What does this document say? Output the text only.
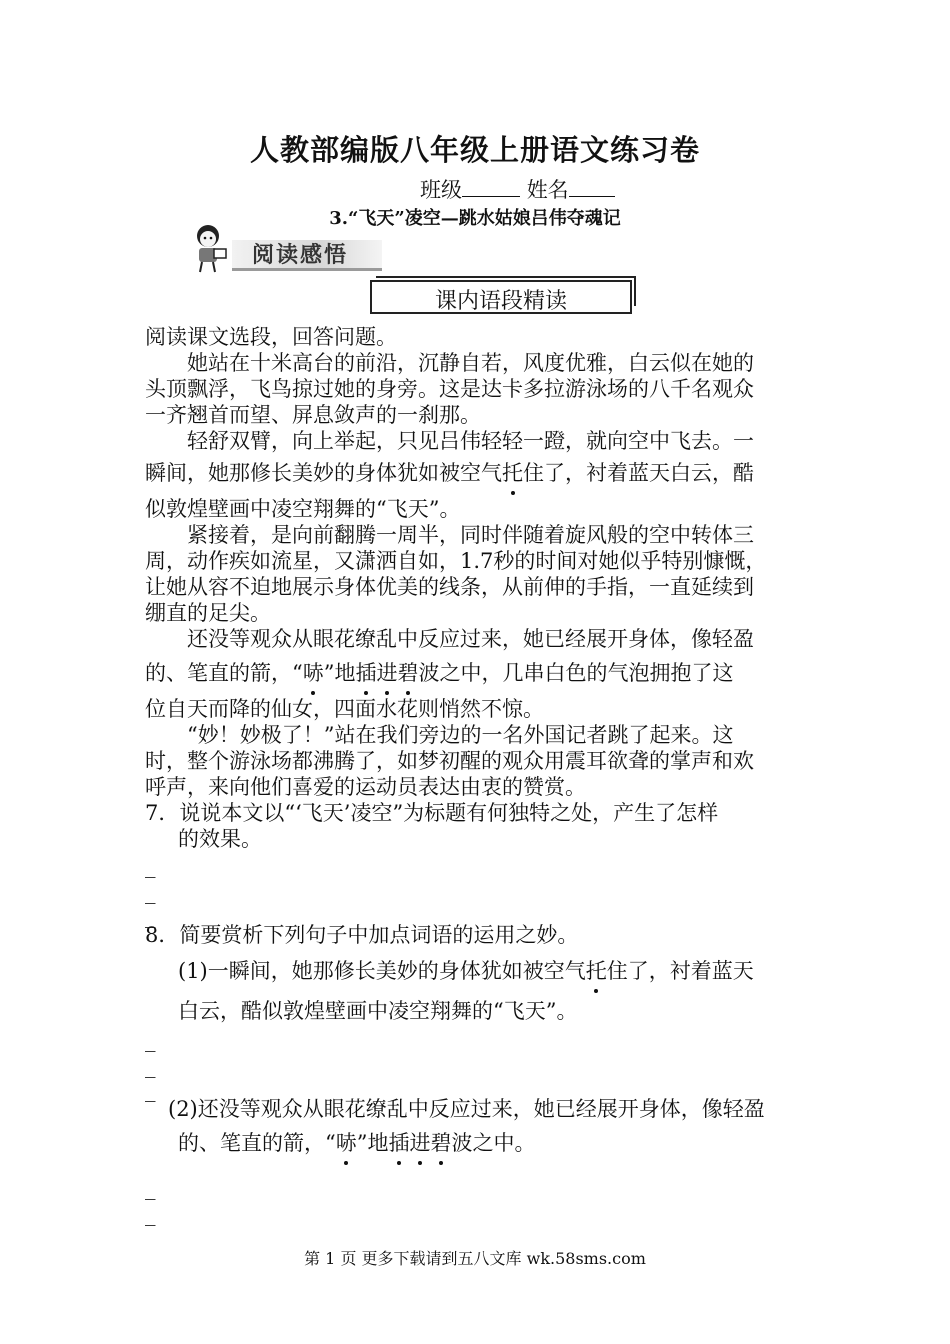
人教部编版八年级上册语文练习卷
班级	姓名
3.“飞天”凌空—跳水姑娘吕伟夺魂记
阅读感悟
课内语段精读
阅读课文选段，回答问题。
　　她站在十米高台的前沿，沉静自若，风度优雅，白云似在她的
头顶飘浮，飞鸟掠过她的身旁。这是达卡多拉游泳场的八千名观众
一齐翘首而望、屏息敛声的一刹那。
　　轻舒双臂，向上举起，只见吕伟轻轻一蹬，就向空中飞去。一
瞬间，她那修长美妙的身体犹如被空气托住了，衬着蓝天白云，酷
似敦煌壁画中凌空翔舞的“飞天”。
　　紧接着，是向前翻腾一周半，同时伴随着旋风般的空中转体三
周，动作疾如流星，又潇洒自如，1.7秒的时间对她似乎特别慷慨，
让她从容不迫地展示身体优美的线条，从前伸的手指，一直延续到
绷直的足尖。
　　还没等观众从眼花缭乱中反应过来，她已经展开身体，像轻盈
的、笔直的箭，“哧”地插进碧波之中，几串白色的气泡拥抱了这
位自天而降的仙女，四面水花则悄然不惊。
　　“妙！妙极了！”站在我们旁边的一名外国记者跳了起来。这
时，整个游泳场都沸腾了，如梦初醒的观众用震耳欲聋的掌声和欢
呼声，来向他们喜爱的运动员表达由衷的赞赏。
7．说说本文以“‘飞天’凌空”为标题有何独特之处，产生了怎样
的效果。
_
_
_
8．简要赏析下列句子中加点词语的运用之妙。
(1)一瞬间，她那修长美妙的身体犹如被空气托住了，衬着蓝天
白云，酷似敦煌壁画中凌空翔舞的“飞天”。
_
_
_
(2)还没等观众从眼花缭乱中反应过来，她已经展开身体，像轻盈
的、笔直的箭，“哧”地插进碧波之中。
_
_
第 1 页 更多下载请到五八文库 wk.58sms.com
